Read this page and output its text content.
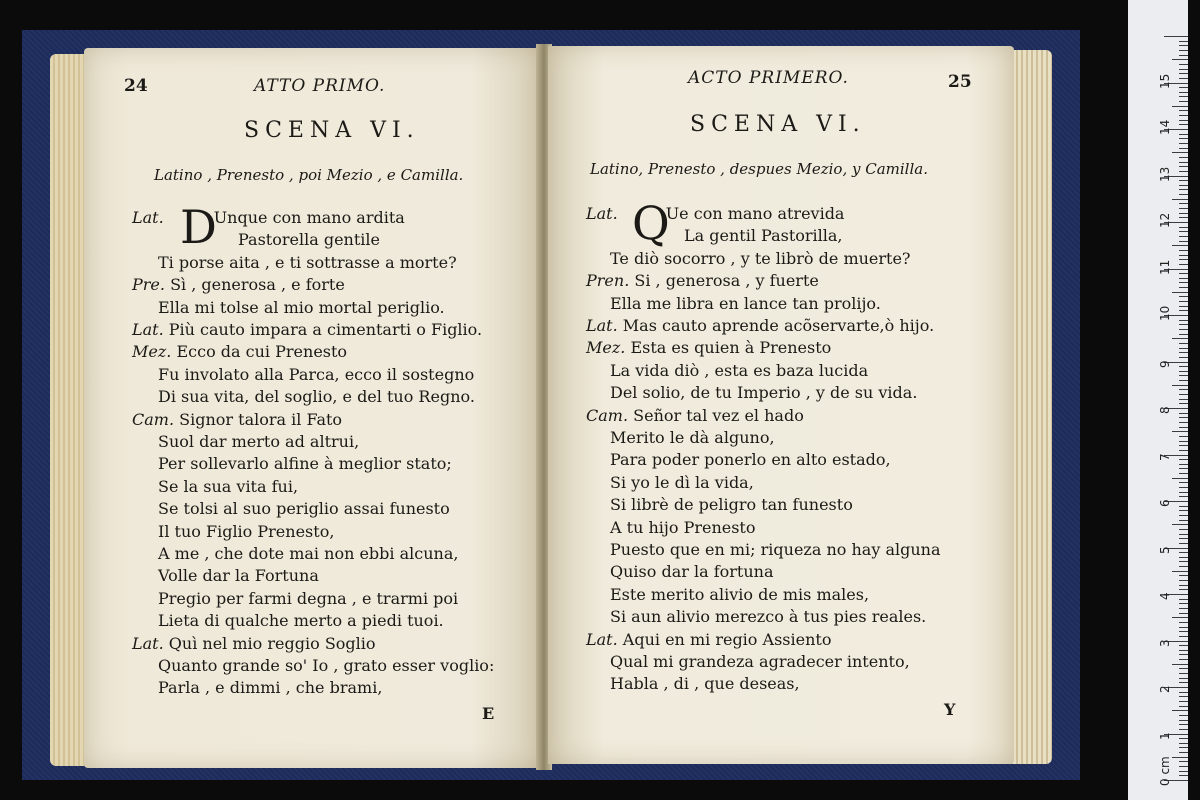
24	ATTO PRIMO.
SCENA VI.
Latino , Prenesto , poi Mezio , e Camilla.
D
Lat.	Unque con mano ardita
Pastorella gentile
Ti porse aita , e ti sottrasse a morte?
Pre. Sì , generosa , e forte
Ella mi tolse al mio mortal periglio.
Lat. Più cauto impara a cimentarti o Figlio.
Mez. Ecco da cui Prenesto
Fu involato alla Parca, ecco il sostegno
Di sua vita, del soglio, e del tuo Regno.
Cam. Signor talora il Fato
Suol dar merto ad altrui,
Per sollevarlo alfine à meglior stato;
Se la sua vita fui,
Se tolsi al suo periglio assai funesto
Il tuo Figlio Prenesto,
A me , che dote mai non ebbi alcuna,
Volle dar la Fortuna
Pregio per farmi degna , e trarmi poi
Lieta di qualche merto a piedi tuoi.
Lat. Quì nel mio reggio Soglio
Quanto grande so' Io , grato esser voglio:
Parla , e dimmi , che brami,
E
ACTO PRIMERO.	25
SCENA VI.
Latino, Prenesto , despues Mezio, y Camilla.
Q
Lat.	Ue con mano atrevida
La gentil Pastorilla,
Te diò socorro , y te librò de muerte?
Pren. Si , generosa , y fuerte
Ella me libra en lance tan prolijo.
Lat. Mas cauto aprende acõservarte,ò hijo.
Mez. Esta es quien à Prenesto
La vida diò , esta es baza lucida
Del solio, de tu Imperio , y de su vida.
Cam. Señor tal vez el hado
Merito le dà alguno,
Para poder ponerlo en alto estado,
Si yo le dì la vida,
Si librè de peligro tan funesto
A tu hijo Prenesto
Puesto que en mi; riqueza no hay alguna
Quiso dar la fortuna
Este merito alivio de mis males,
Si aun alivio merezco à tus pies reales.
Lat. Aqui en mi regio Assiento
Qual mi grandeza agradecer intento,
Habla , di , que deseas,
Y
0 cm
1
2
3
4
5
6
7
8
9
10
11
12
13
14
15
